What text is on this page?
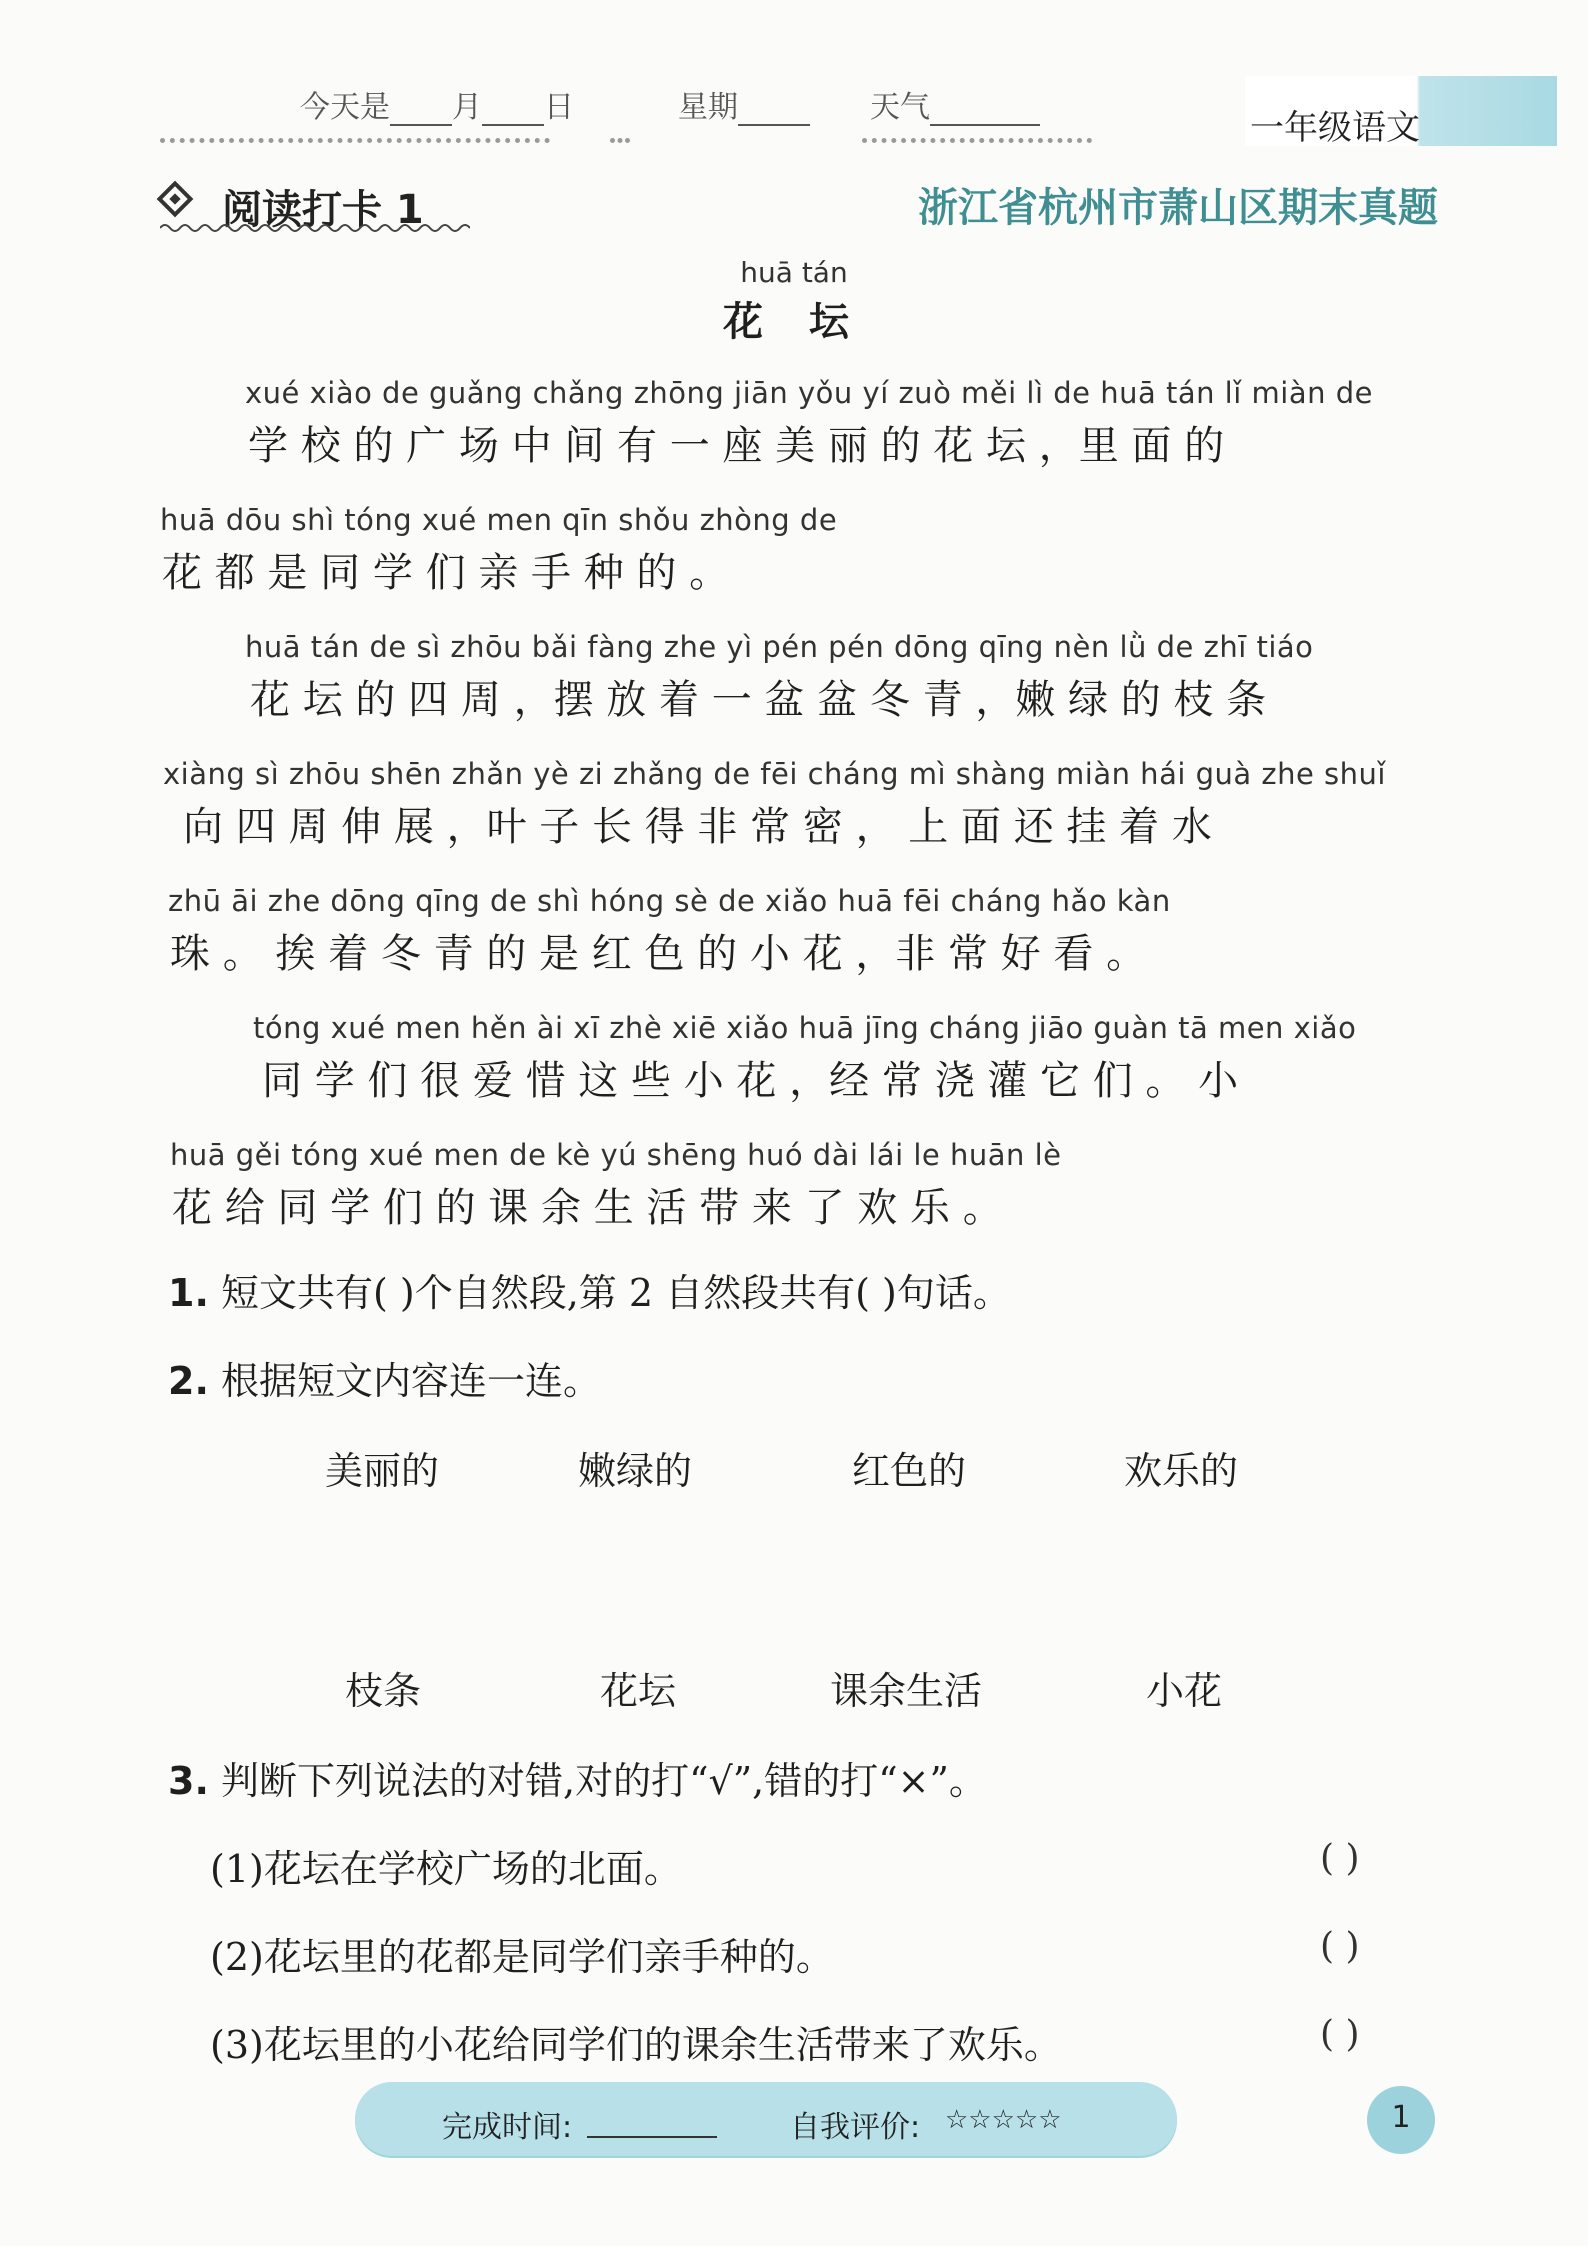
今天是 月 日	星期	天气
一年级语文
阅读打卡 1	浙江省杭州市萧山区期末真题
huā tán
花 坛
xué xiào de guǎng chǎng zhōng jiān yǒu yí zuò měi lì de huā tán lǐ miàn de
学 校 的 广 场 中 间 有 一 座 美 丽 的 花 坛 ，里 面 的
huā dōu shì tóng xué men qīn shǒu zhòng de
花 都 是 同 学 们 亲 手 种 的 。
huā tán de sì zhōu bǎi fàng zhe yì pén pén dōng qīng nèn lǜ de zhī tiáo
花 坛 的 四 周 ，摆 放 着 一 盆 盆 冬 青 ，嫩 绿 的 枝 条
xiàng sì zhōu shēn zhǎn yè zi zhǎng de fēi cháng mì shàng miàn hái guà zhe shuǐ
向 四 周 伸 展 ，叶 子 长 得 非 常 密 ， 上 面 还 挂 着 水
zhū āi zhe dōng qīng de shì hóng sè de xiǎo huā fēi cháng hǎo kàn
珠 。 挨 着 冬 青 的 是 红 色 的 小 花 ，非 常 好 看 。
tóng xué men hěn ài xī zhè xiē xiǎo huā jīng cháng jiāo guàn tā men xiǎo
同 学 们 很 爱 惜 这 些 小 花 ，经 常 浇 灌 它 们 。 小
huā gěi tóng xué men de kè yú shēng huó dài lái le huān lè
花 给 同 学 们 的 课 余 生 活 带 来 了 欢 乐 。
1. 短文共有( )个自然段,第 2 自然段共有( )句话。
2. 根据短文内容连一连。
美丽的	嫩绿的	红色的	欢乐的
枝条	花坛	课余生活	小花
3. 判断下列说法的对错,对的打“√”,错的打“×”。
(1)花坛在学校广场的北面。	( )
(2)花坛里的花都是同学们亲手种的。	( )
(3)花坛里的小花给同学们的课余生活带来了欢乐。	( )
完成时间:	自我评价: ☆☆☆☆☆	1
